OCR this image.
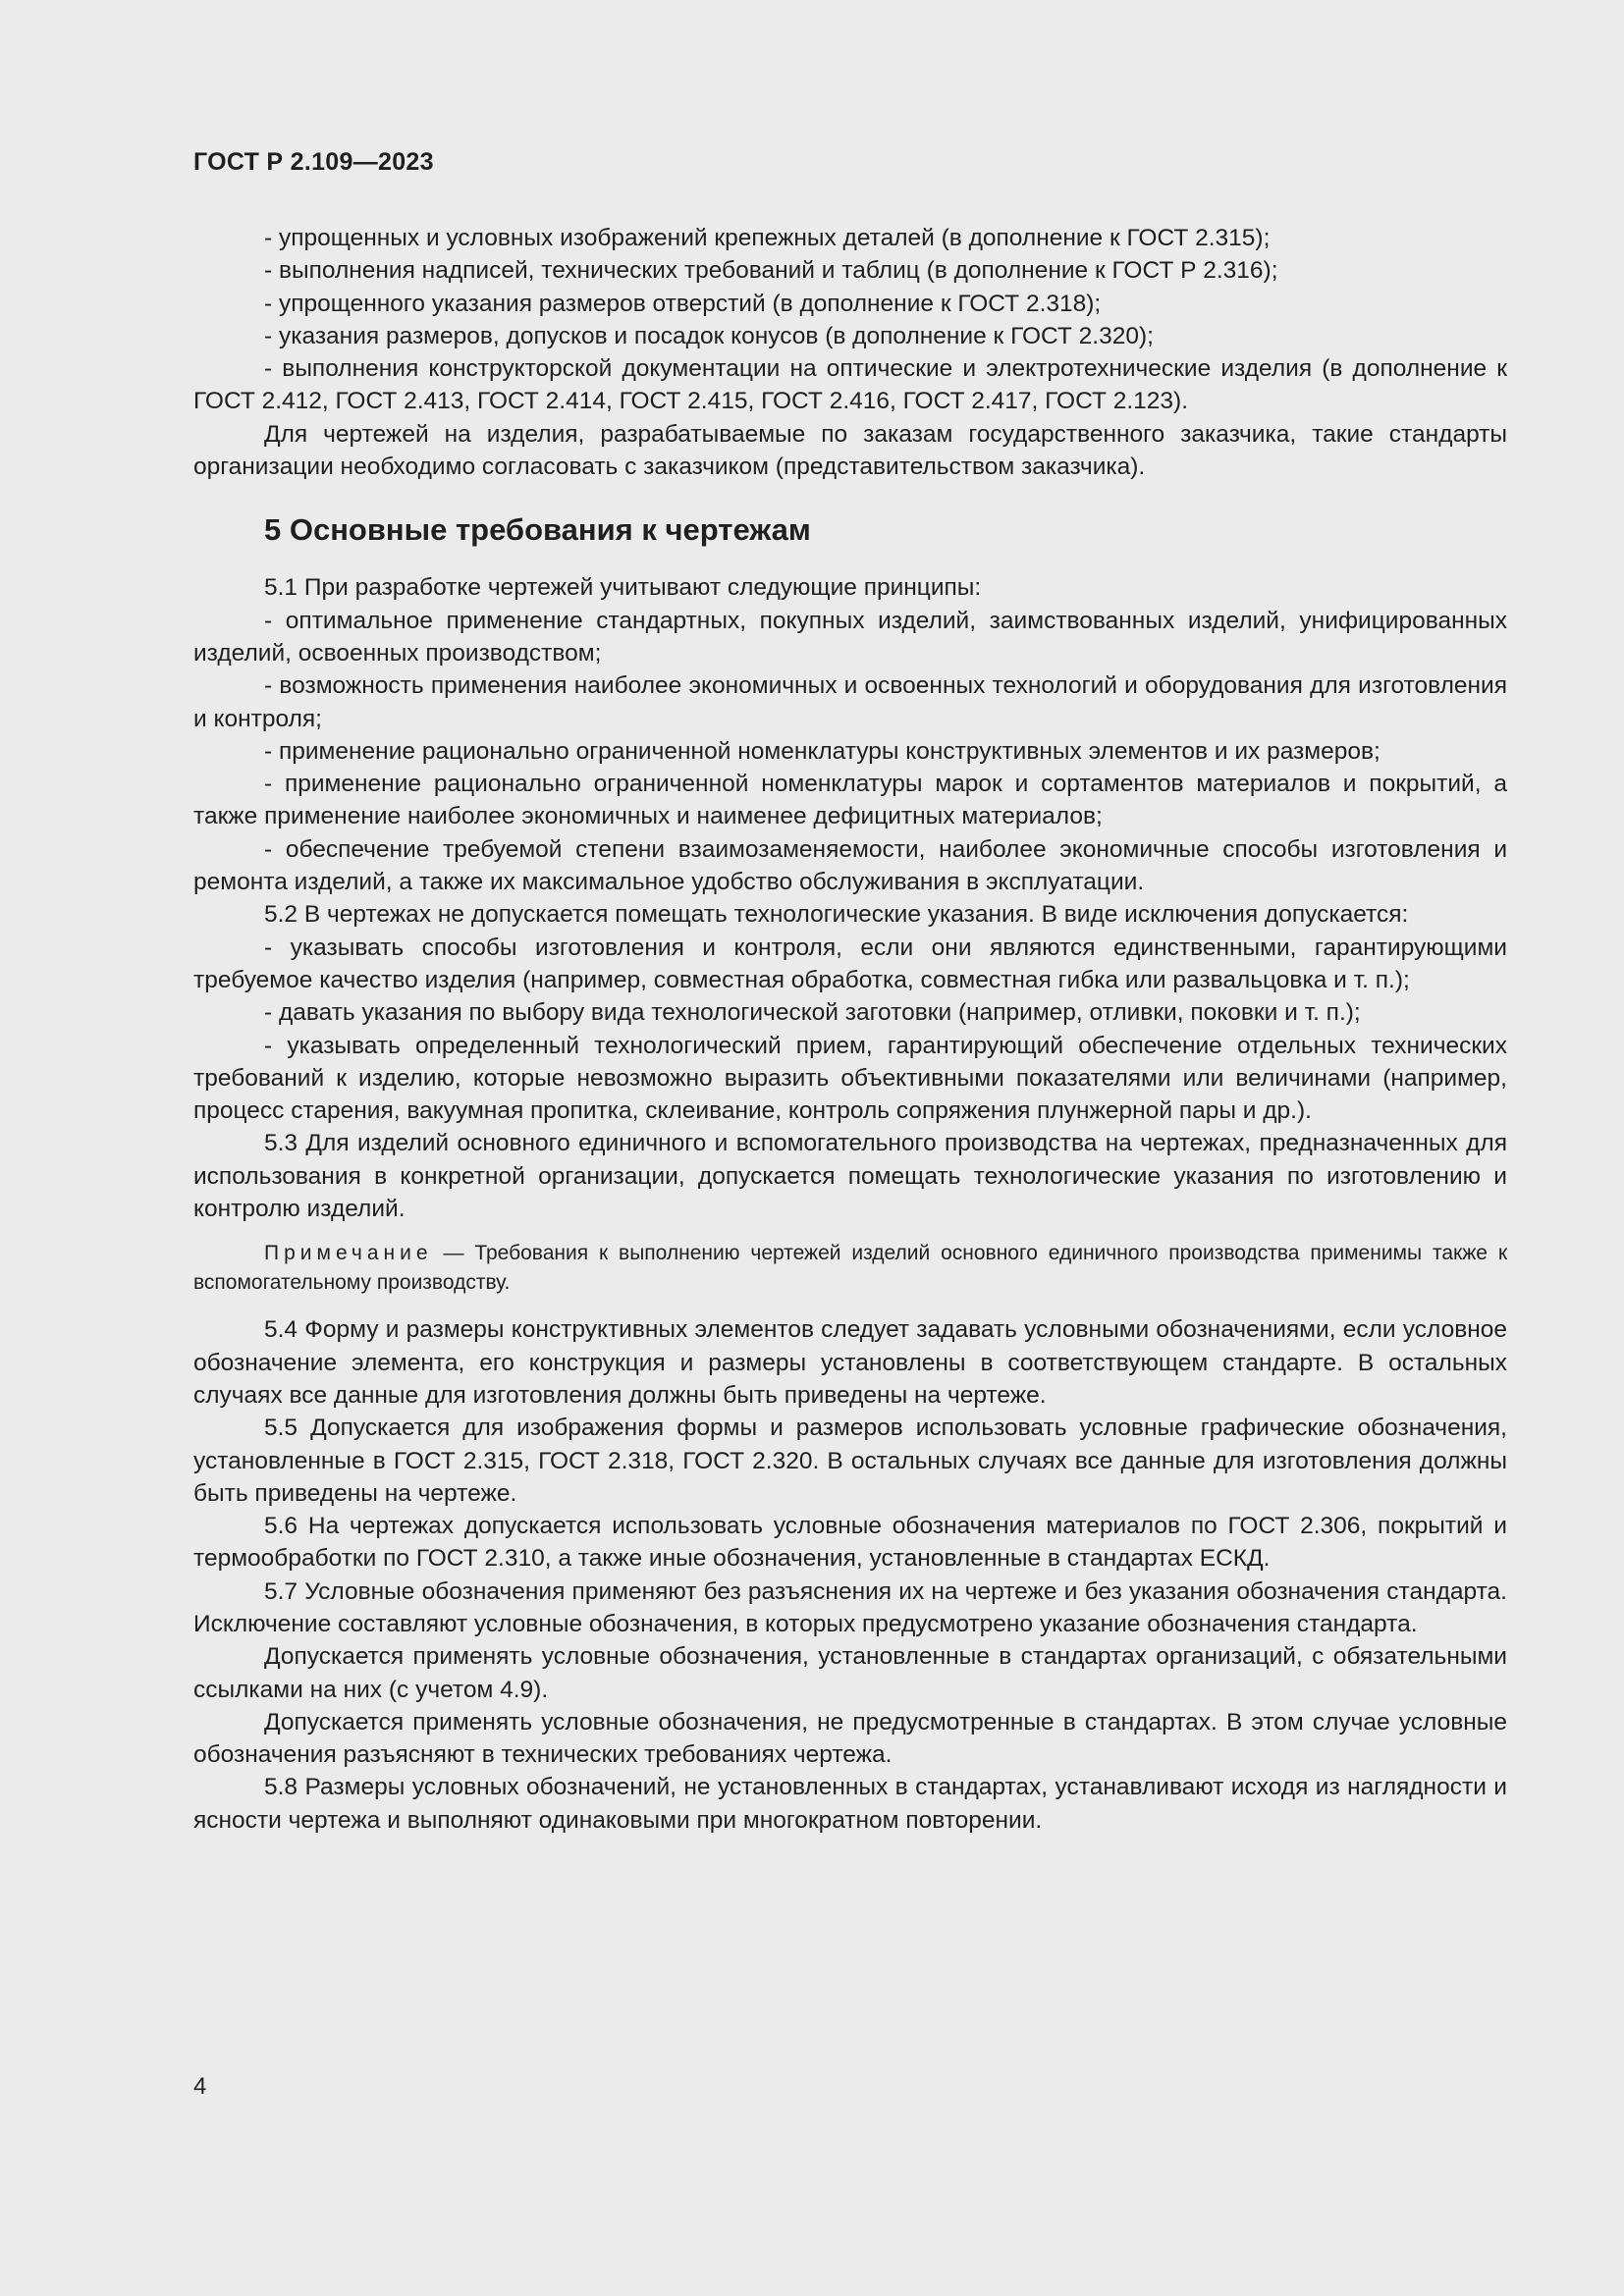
ГОСТ Р 2.109—2023

- упрощенных и условных изображений крепежных деталей (в дополнение к ГОСТ 2.315);

- выполнения надписей, технических требований и таблиц (в дополнение к ГОСТ Р 2.316);

- упрощенного указания размеров отверстий (в дополнение к ГОСТ 2.318);

- указания размеров, допусков и посадок конусов (в дополнение к ГОСТ 2.320);

- выполнения конструкторской документации на оптические и электротехнические изделия (в дополнение к ГОСТ 2.412, ГОСТ 2.413, ГОСТ 2.414, ГОСТ 2.415, ГОСТ 2.416, ГОСТ 2.417, ГОСТ 2.123).

Для чертежей на изделия, разрабатываемые по заказам государственного заказчика, такие стандарты организации необходимо согласовать с заказчиком (представительством заказчика).

5 Основные требования к чертежам

5.1 При разработке чертежей учитывают следующие принципы:

- оптимальное применение стандартных, покупных изделий, заимствованных изделий, унифицированных изделий, освоенных производством;

- возможность применения наиболее экономичных и освоенных технологий и оборудования для изготовления и контроля;

- применение рационально ограниченной номенклатуры конструктивных элементов и их размеров;

- применение рационально ограниченной номенклатуры марок и сортаментов материалов и покрытий, а также применение наиболее экономичных и наименее дефицитных материалов;

- обеспечение требуемой степени взаимозаменяемости, наиболее экономичные способы изготовления и ремонта изделий, а также их максимальное удобство обслуживания в эксплуатации.

5.2 В чертежах не допускается помещать технологические указания. В виде исключения допускается:

- указывать способы изготовления и контроля, если они являются единственными, гарантирующими требуемое качество изделия (например, совместная обработка, совместная гибка или развальцовка и т. п.);

- давать указания по выбору вида технологической заготовки (например, отливки, поковки и т. п.);

- указывать определенный технологический прием, гарантирующий обеспечение отдельных технических требований к изделию, которые невозможно выразить объективными показателями или величинами (например, процесс старения, вакуумная пропитка, склеивание, контроль сопряжения плунжерной пары и др.).

5.3 Для изделий основного единичного и вспомогательного производства на чертежах, предназначенных для использования в конкретной организации, допускается помещать технологические указания по изготовлению и контролю изделий.

Примечание — Требования к выполнению чертежей изделий основного единичного производства применимы также к вспомогательному производству.

5.4 Форму и размеры конструктивных элементов следует задавать условными обозначениями, если условное обозначение элемента, его конструкция и размеры установлены в соответствующем стандарте. В остальных случаях все данные для изготовления должны быть приведены на чертеже.

5.5 Допускается для изображения формы и размеров использовать условные графические обозначения, установленные в ГОСТ 2.315, ГОСТ 2.318, ГОСТ 2.320. В остальных случаях все данные для изготовления должны быть приведены на чертеже.

5.6 На чертежах допускается использовать условные обозначения материалов по ГОСТ 2.306, покрытий и термообработки по ГОСТ 2.310, а также иные обозначения, установленные в стандартах ЕСКД.

5.7 Условные обозначения применяют без разъяснения их на чертеже и без указания обозначения стандарта. Исключение составляют условные обозначения, в которых предусмотрено указание обозначения стандарта.

Допускается применять условные обозначения, установленные в стандартах организаций, с обязательными ссылками на них (с учетом 4.9).

Допускается применять условные обозначения, не предусмотренные в стандартах. В этом случае условные обозначения разъясняют в технических требованиях чертежа.

5.8 Размеры условных обозначений, не установленных в стандартах, устанавливают исходя из наглядности и ясности чертежа и выполняют одинаковыми при многократном повторении.

4
